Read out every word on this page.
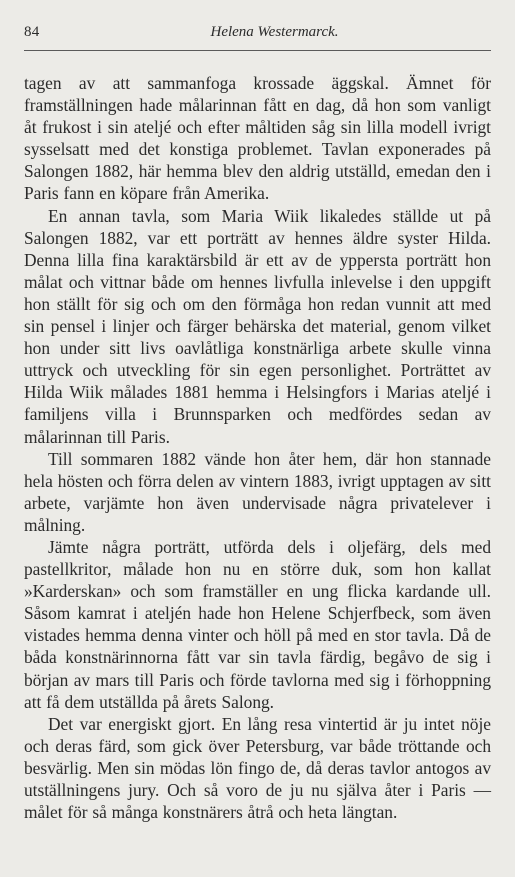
84	Helena Westermarck.

tagen av att sammanfoga krossade äggskal. Ämnet för framställningen hade målarinnan fått en dag, då hon som vanligt åt frukost i sin ateljé och efter måltiden såg sin lilla modell ivrigt sysselsatt med det konstiga problemet. Tavlan exponerades på Salongen 1882, här hemma blev den aldrig utställd, emedan den i Paris fann en köpare från Amerika.

En annan tavla, som Maria Wiik likaledes ställde ut på Salongen 1882, var ett porträtt av hennes äldre syster Hilda. Denna lilla fina karaktärsbild är ett av de yppersta porträtt hon målat och vittnar både om hennes livfulla inlevelse i den uppgift hon ställt för sig och om den förmåga hon redan vunnit att med sin pensel i linjer och färger behärska det material, genom vilket hon under sitt livs oavlåtliga konstnärliga arbete skulle vinna uttryck och utveckling för sin egen personlighet. Porträttet av Hilda Wiik målades 1881 hemma i Helsingfors i Marias ateljé i familjens villa i Brunnsparken och medfördes sedan av målarinnan till Paris.

Till sommaren 1882 vände hon åter hem, där hon stannade hela hösten och förra delen av vintern 1883, ivrigt upptagen av sitt arbete, varjämte hon även undervisade några privatelever i målning.

Jämte några porträtt, utförda dels i oljefärg, dels med pastellkritor, målade hon nu en större duk, som hon kallat »Karderskan» och som framställer en ung flicka kardande ull. Såsom kamrat i ateljén hade hon Helene Schjerfbeck, som även vistades hemma denna vinter och höll på med en stor tavla. Då de båda konstnärinnorna fått var sin tavla färdig, begåvo de sig i början av mars till Paris och förde tavlorna med sig i förhoppning att få dem utställda på årets Salong.

Det var energiskt gjort. En lång resa vintertid är ju intet nöje och deras färd, som gick över Petersburg, var både tröttande och besvärlig. Men sin mödas lön fingo de, då deras tavlor antogos av utställningens jury. Och så voro de ju nu själva åter i Paris — målet för så många konstnärers åtrå och heta längtan.
